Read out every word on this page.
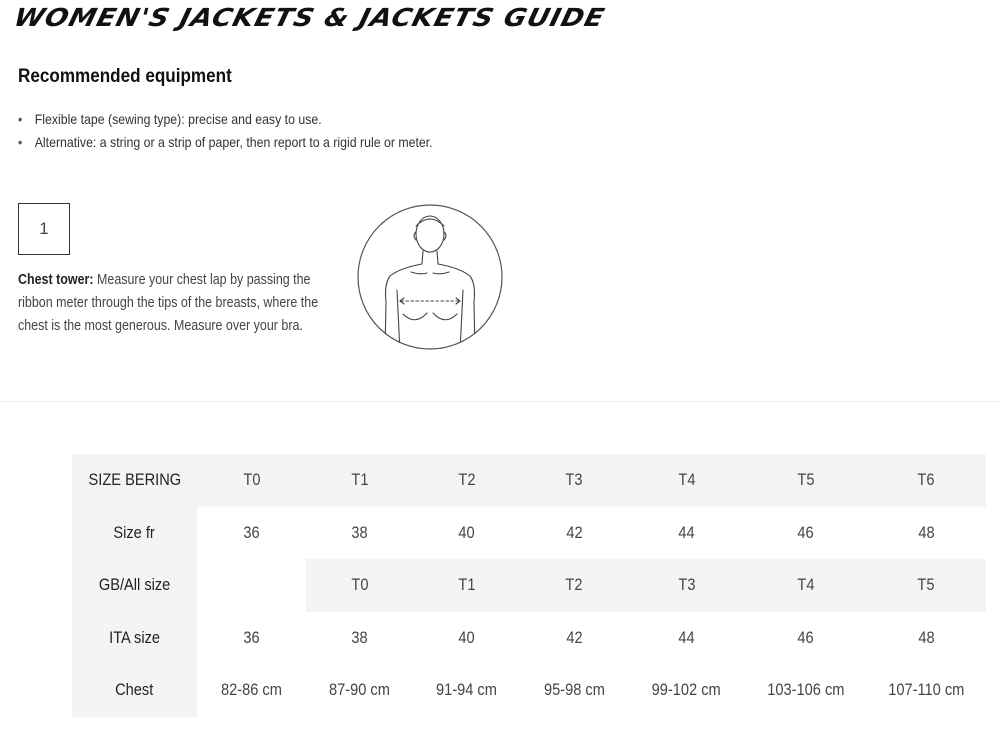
WOMEN'S JACKETS & JACKETS GUIDE
Recommended equipment
• Flexible tape (sewing type): precise and easy to use.
• Alternative: a string or a strip of paper, then report to a rigid rule or meter.
1

Chest tower: Measure your chest lap by passing the ribbon meter through the tips of the breasts, where the chest is the most generous. Measure over your bra.

SIZE BERING	T0	T1	T2	T3	T4	T5	T6
Size fr	36	38	40	42	44	46	48
GB/All size		T0	T1	T2	T3	T4	T5
ITA size	36	38	40	42	44	46	48
Chest	82-86 cm	87-90 cm	91-94 cm	95-98 cm	99-102 cm	103-106 cm	107-110 cm
